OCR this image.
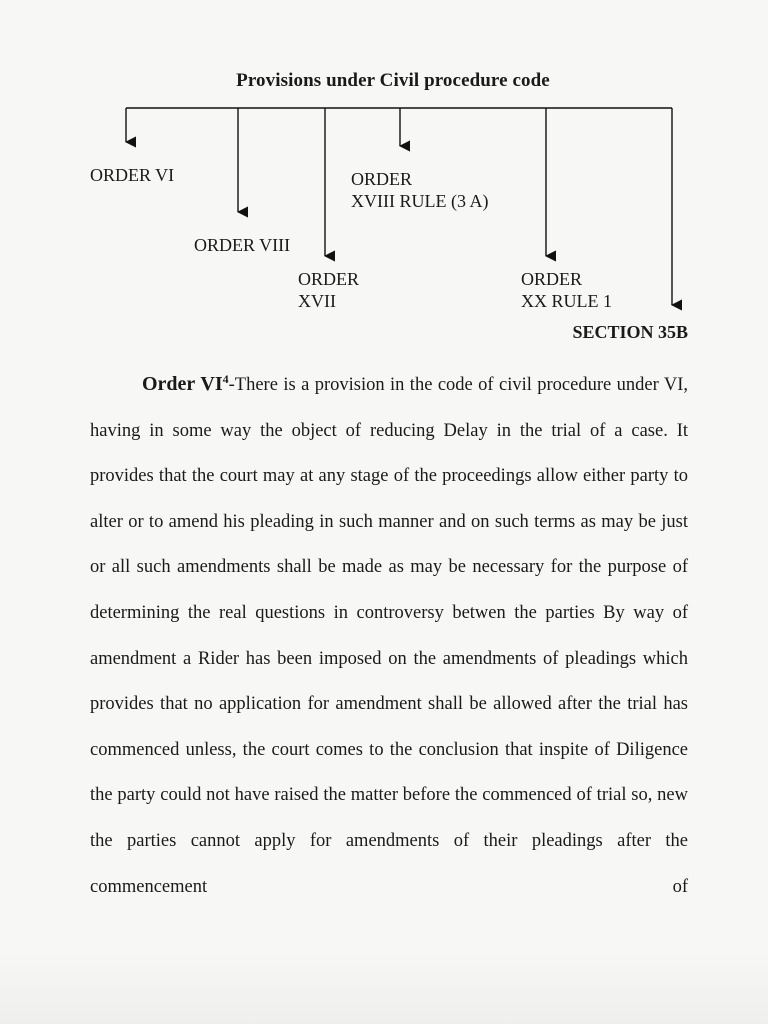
Provisions under Civil procedure code
ORDER VI
ORDER VIII
ORDER
XVII
ORDER
XVIII RULE (3 A)
ORDER
XX RULE 1
SECTION 35B

Order $VI^4$-There is a provision in the code of civil procedure under VI, having in some way the object of reducing Delay in the trial of a case. It provides that the court may at any stage of the proceedings allow either party to alter or to amend his pleading in such manner and on such terms as may be just or all such amendments shall be made as may be necessary for the purpose of determining the real questions in controversy betwen the parties By way of amendment a Rider has been imposed on the amendments of pleadings which provides that no application for amendment shall be allowed after the trial has commenced unless, the court comes to the conclusion that inspite of Diligence the party could not have raised the matter before the commenced of trial so, new the parties cannot apply for amendments of their pleadings after the commencement of
